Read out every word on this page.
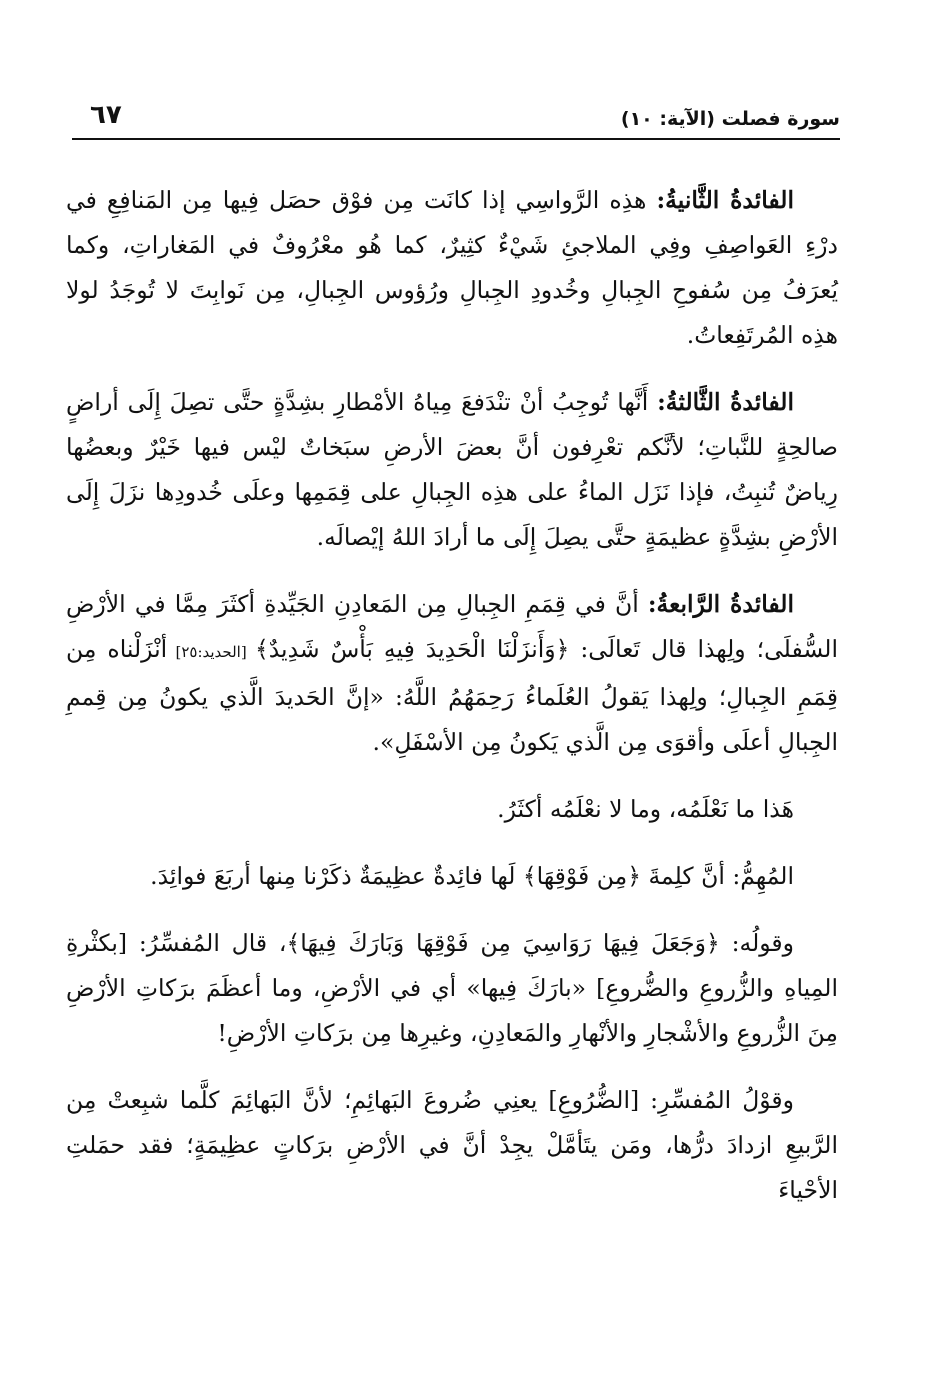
سورة فصلت (الآية: ١٠)
٦٧

الفائدةُ الثَّانيةُ: هذِه الرَّواسِي إذا كانَت مِن فوْق حصَل فِيها مِن المَنافِعِ في درْءِ العَواصِفِ وفِي الملاجئِ شَيْءٌ كثِيرٌ، كما هُو معْرُوفٌ في المَغاراتِ، وكما يُعرَفُ مِن سُفوحِ الجِبالِ وخُدودِ الجِبالِ ورُؤوس الجِبالِ، مِن نَوابِتَ لا تُوجَدُ لولا هذِه المُرتَفِعاتُ.

الفائدةُ الثَّالثةُ: أَنَّها تُوجِبُ أنْ تنْدَفعَ مِياهُ الأمْطارِ بشِدَّةٍ حتَّى تصِلَ إِلَى أراضٍ صالحِةٍ للنَّباتِ؛ لأنَّكم تعْرِفون أنَّ بعضَ الأرضِ سبَخاتٌ ليْس فيها خَيْرٌ وبعضُها رِياضٌ تُنبِتُ، فإذا نَزَل الماءُ على هذِه الجِبالِ على قِمَمِها وعلَى خُدودِها نزَلَ إِلَى الأرْضِ بشِدَّةٍ عظيمَةٍ حتَّى يصِلَ إِلَى ما أرادَ اللهُ إيْصالَه.

الفائدةُ الرَّابعةُ: أنَّ في قِمَمِ الجِبالِ مِن المَعادِنِ الجَيِّدةِ أكثَرَ مِمَّا في الأرْضِ السُّفلَى؛ ولِهذا قال تَعالَى: ﴿وَأَنزَلْنَا الْحَدِيدَ فِيهِ بَأْسٌ شَدِيدٌ﴾ [الحديد:٢٥] أنْزَلْناه مِن قِمَمِ الجِبالِ؛ ولِهذا يَقولُ العُلَماءُ رَحِمَهُمُ اللَّهُ: «إنَّ الحَديدَ الَّذي يكونُ مِن قِممِ الجِبالِ أعلَى وأقوَى مِن الَّذي يَكونُ مِن الأسْفَلِ».

هَذا ما نَعْلَمُه، وما لا نعْلَمُه أكثَرُ.

المُهِمُّ: أنَّ كلِمةَ ﴿مِن فَوْقِهَا﴾ لَها فائِدةٌ عظِيمَةٌ ذكَرْنا مِنها أربَعَ فوائِدَ.

وقولُه: ﴿وَجَعَلَ فِيهَا رَوَاسِيَ مِن فَوْقِهَا وَبَارَكَ فِيهَا﴾، قال المُفسِّرُ: [بكثْرةِ المِياهِ والزُّروعِ والضُّروعِ] «بارَكَ فِيها» أي في الأرْضِ، وما أعظَمَ برَكاتِ الأرْضِ مِنَ الزُّروعِ والأشْجارِ والأنْهارِ والمَعادِنِ، وغيرِها مِن برَكاتِ الأرْضِ!

وقوْلُ المُفسِّرِ: [الضُّرُوعِ] يعنِي ضُروعَ البَهائِمِ؛ لأنَّ البَهائِمَ كلَّما شبِعتْ مِن الرَّبيعِ ازدادَ درُّها، ومَن يتَأمَّلْ يجِدْ أنَّ في الأرْضِ برَكاتٍ عظِيمَةٍ؛ فقد حمَلتِ الأحْياءَ
